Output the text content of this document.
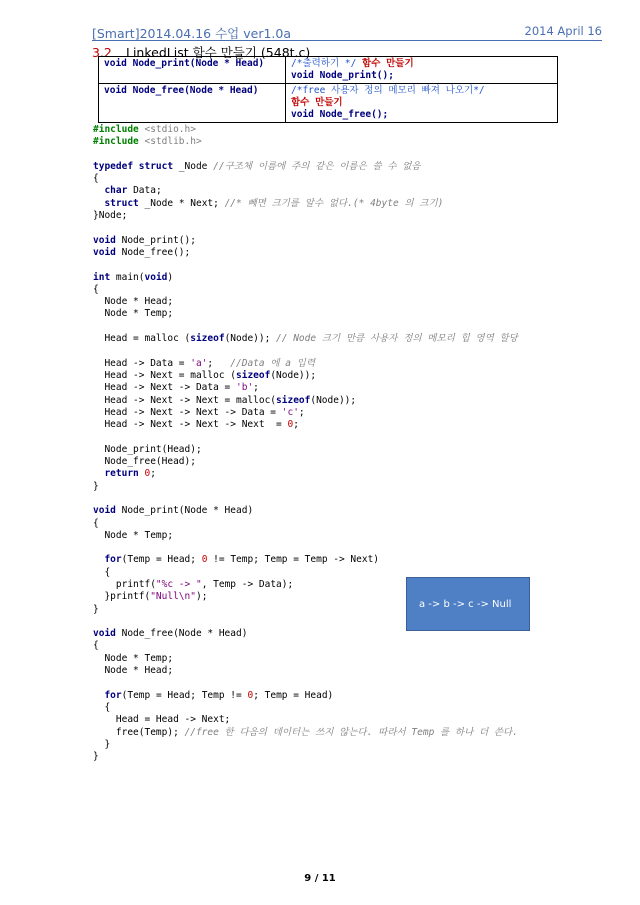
[Smart]2014.04.16 수업 ver1.0a	2014 April 16
3.2 LinkedList 함수 만들기 (548t.c)
void Node_print(Node * Head)	/*출력하기 */ 함수 만들기
void Node_print();
void Node_free(Node * Head)	/*free 사용자 정의 메모리 빠져 나오기*/
함수 만들기
void Node_free();
#include <stdio.h>
#include <stdlib.h>

typedef struct _Node //구조체 이름에 주의 같은 이름은 쓸 수 없음
{
char Data;
struct _Node * Next; //* 빼면 크기를 알수 없다.(* 4byte 의 크기)
}Node;

void Node_print();
void Node_free();

int main(void)
{
Node * Head;
Node * Temp;

Head = malloc (sizeof(Node)); // Node 크기 만큼 사용자 정의 메모리 힙 영역 할당

Head -> Data = 'a';   //Data 에 a 입력
Head -> Next = malloc (sizeof(Node));
Head -> Next -> Data = 'b';
Head -> Next -> Next = malloc(sizeof(Node));
Head -> Next -> Next -> Data = 'c';
Head -> Next -> Next -> Next  = 0;

Node_print(Head);
Node_free(Head);
return 0;
}

void Node_print(Node * Head)
{
Node * Temp;

for(Temp = Head; 0 != Temp; Temp = Temp -> Next)
{
printf("%c -> ", Temp -> Data);
}printf("Null\n");
}

void Node_free(Node * Head)
{
Node * Temp;
Node * Head;

for(Temp = Head; Temp != 0; Temp = Head)
{
Head = Head -> Next;
free(Temp); //free 한 다음의 데이터는 쓰지 않는다. 따라서 Temp 를 하나 더 쓴다.
}
}
a -> b -> c -> Null
9 / 11
